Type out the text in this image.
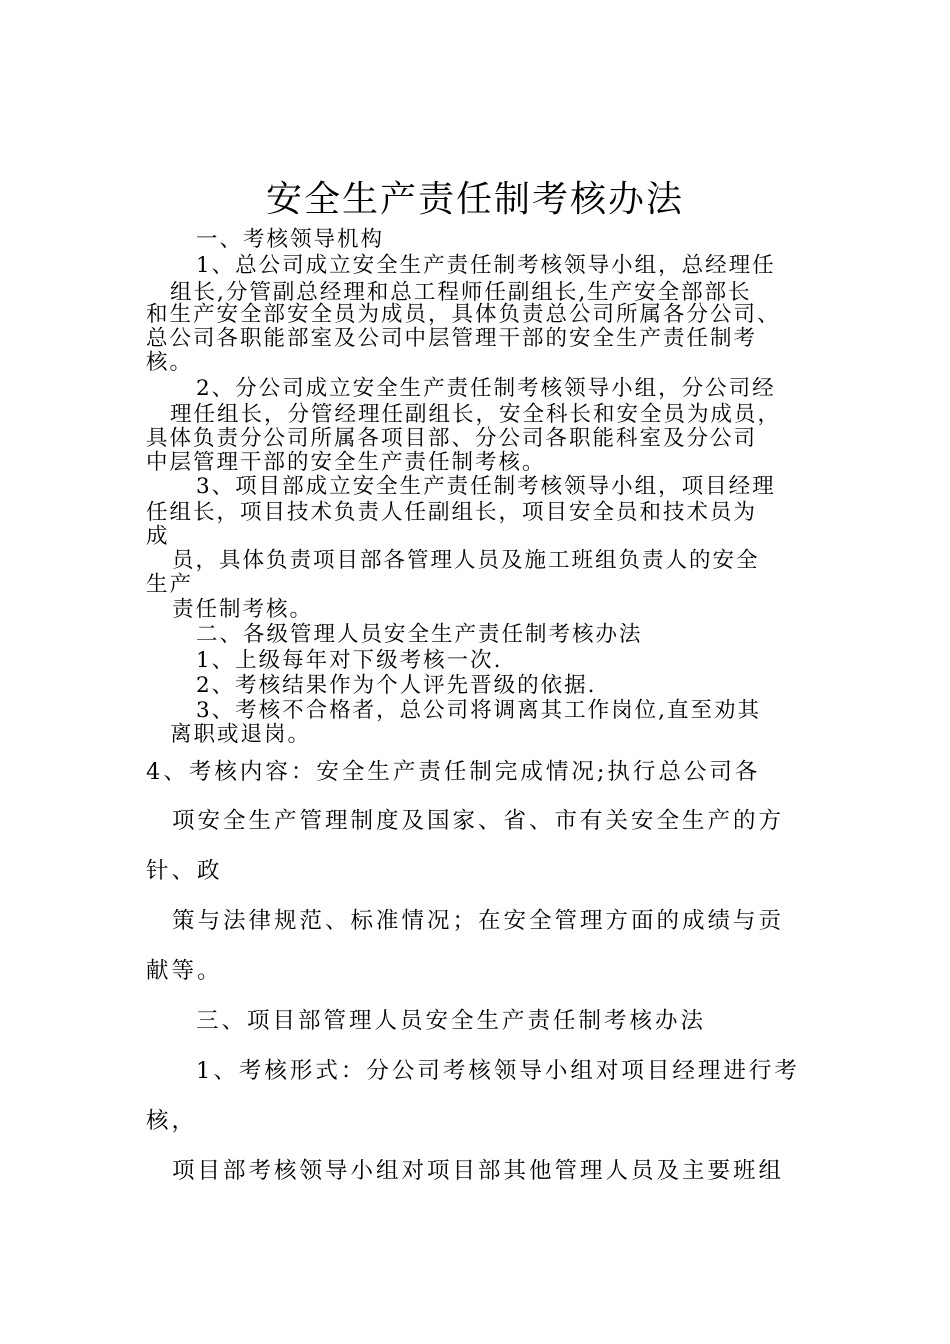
安全生产责任制考核办法
一、考核领导机构
1、总公司成立安全生产责任制考核领导小组，总经理任
组长,分管副总经理和总工程师任副组长,生产安全部部长
和生产安全部安全员为成员，具体负责总公司所属各分公司、
总公司各职能部室及公司中层管理干部的安全生产责任制考
核。
2、分公司成立安全生产责任制考核领导小组，分公司经
理任组长，分管经理任副组长，安全科长和安全员为成员，
具体负责分公司所属各项目部、分公司各职能科室及分公司
中层管理干部的安全生产责任制考核。
3、项目部成立安全生产责任制考核领导小组，项目经理
任组长，项目技术负责人任副组长，项目安全员和技术员为
成
员，具体负责项目部各管理人员及施工班组负责人的安全
生产
责任制考核。
二、各级管理人员安全生产责任制考核办法
1、上级每年对下级考核一次.
2、考核结果作为个人评先晋级的依据.
3、考核不合格者，总公司将调离其工作岗位,直至劝其
离职或退岗。
4、考核内容：安全生产责任制完成情况;执行总公司各
项安全生产管理制度及国家、省、市有关安全生产的方
针、政
策与法律规范、标准情况；在安全管理方面的成绩与贡
献等。
三、项目部管理人员安全生产责任制考核办法
1、考核形式：分公司考核领导小组对项目经理进行考
核，
项目部考核领导小组对项目部其他管理人员及主要班组
